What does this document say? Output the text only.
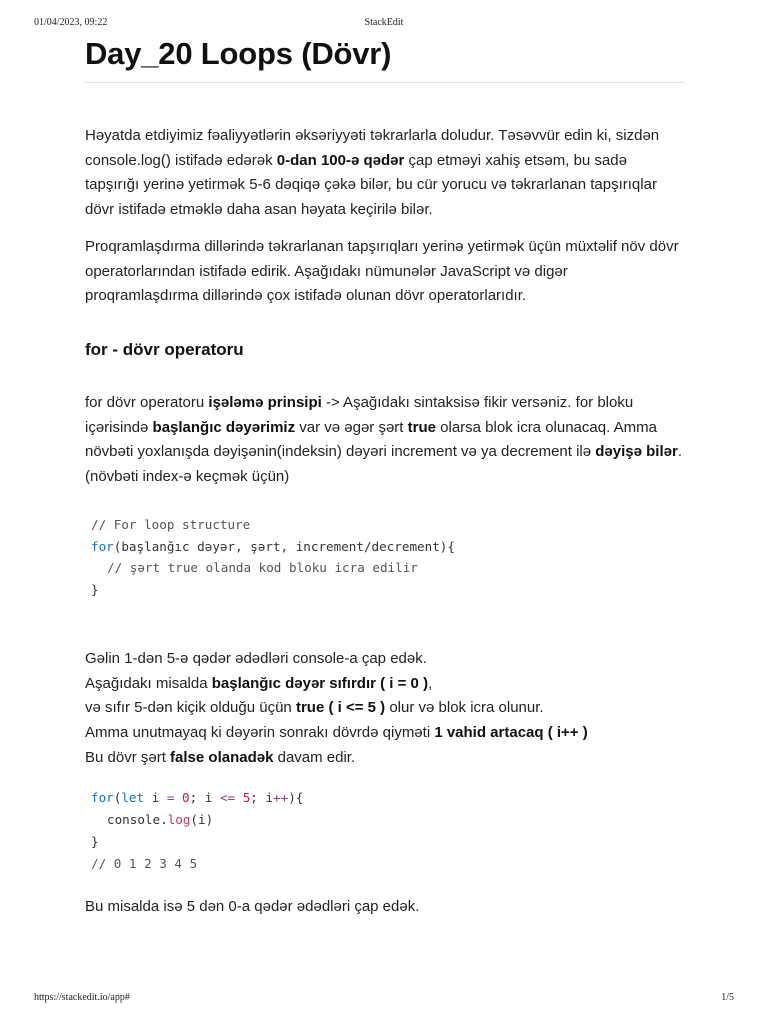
01/04/2023, 09:22	StackEdit
Day_20 Loops (Dövr)

Həyatda etdiyimiz fəaliyyətlərin əksəriyyəti təkrarlarla doludur. Təsəvvür edin ki, sizdən console.log() istifadə edərək 0-dan 100-ə qədər çap etməyi xahiş etsəm, bu sadə tapşırığı yerinə yetirmək 5-6 dəqiqə çəkə bilər, bu cür yorucu və təkrarlanan tapşırıqlar dövr istifadə etməklə daha asan həyata keçirilə bilər.

Proqramlaşdırma dillərində təkrarlanan tapşırıqları yerinə yetirmək üçün müxtəlif növ dövr operatorlarından istifadə edirik. Aşağıdakı nümunələr JavaScript və digər proqramlaşdırma dillərində çox istifadə olunan dövr operatorlarıdır.

for - dövr operatoru

for dövr operatoru işələmə prinsipi -> Aşağıdakı sintaksisə fikir versəniz. for bloku içərisində başlanğıc dəyərimiz var və əgər şərt true olarsa blok icra olunacaq. Amma növbəti yoxlanışda dəyişənin(indeksin) dəyəri increment və ya decrement ilə dəyişə bilər. (növbəti index-ə keçmək üçün)

// For loop structure
for(başlanğıc dəyər, şərt, increment/decrement){
// şərt true olanda kod bloku icra edilir
}

Gəlin 1-dən 5-ə qədər ədədləri console-a çap edək.
Aşağıdakı misalda başlanğıc dəyər sıfırdır ( i = 0 ),
və sıfır 5-dən kiçik olduğu üçün true ( i <= 5 ) olur və blok icra olunur.
Amma unutmayaq ki dəyərin sonrakı dövrdə qiyməti 1 vahid artacaq ( i++ )
Bu dövr şərt false olanadək davam edir.

for(let i = 0; i <= 5; i++){
console.log(i)
}
// 0 1 2 3 4 5

Bu misalda isə 5 dən 0-a qədər ədədləri çap edək.

https://stackedit.io/app#	1/5
